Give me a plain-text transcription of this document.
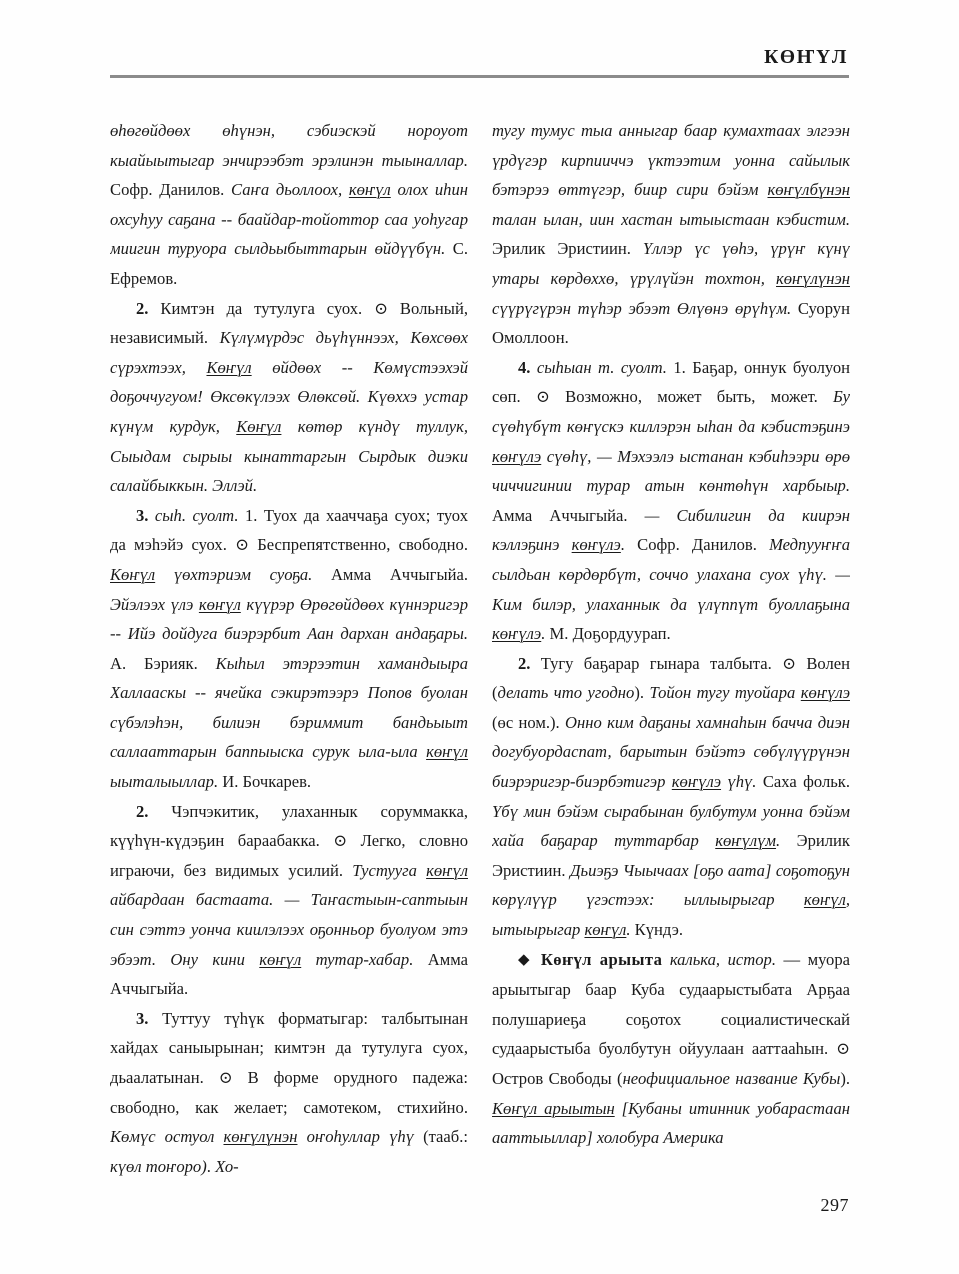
КӨҤҮЛ

өһөгөйдөөх өһүнэн, сэбиэскэй нороуот кыайыытыгар энчирээбэт эрэлинэн тыыналлар. Софр. Данилов. Саҥа дьоллоох, көҥүл олох иһин охсуһуу саҕана -- баайдар-тойоттор саа уоһугар миигин туруора сылдьыбыттарын өйдүүбүн. С. Ефремов.

2. Кимтэн да тутулуга суох. ⊙ Вольный, независимый. Күлүмүрдэс дьүһүннээх, Көхсөөх сүрэхтээх, Көҥүл өйдөөх -- Көмүстээхэй доҕоччугуом! Өксөкүлээх Өлөксөй. Күөххэ устар күнүм курдук, Көҥүл көтөр күндү туллук, Сыыдам сырыы кынаттаргын Сырдык диэки салайбыккын. Эллэй.

3. сыһ. суолт. 1. Туох да хааччаҕа суох; туох да мэһэйэ суох. ⊙ Беспрепятственно, свободно. Көҥүл үөхтэриэм суоҕа. Амма Аччыгыйа. Эйэлээх үлэ көҥүл күүрэр Өрөгөйдөөх күннэригэр -- Ийэ дойдуга биэрэрбит Аан дархан андаҕары. А. Бэрияк. Кыһыл этэрээтин хамандыыра Халлааскы -- ячейка сэкирэтээрэ Попов буолан сүбэлэһэн, билиэн бэриммит бандьыыт саллааттарын баппыыска сурук ыла-ыла көҥүл ыыталыыллар. И. Бочкарев.

2. Чэпчэкитик, улаханнык соруммакка, күүһүн-күдэҕин бараабакка. ⊙ Легко, словно играючи, без видимых усилий. Тустууга көҥүл айбардаан бастаата. — Таҥастыын-саптыын син сэттэ уонча киилэлээх оҕонньор буолуом этэ эбээт. Ону кини көҥүл тутар-хабар. Амма Аччыгыйа.

3. Туттуу түһүк форматыгар: талбытынан хайдах саныырынан; кимтэн да тутулуга суох, дьаалатынан. ⊙ В форме орудного падежа: свободно, как желает; самотеком, стихийно. Көмүс остуол көҥүлүнэн оҥоһуллар үһү (тааб.: күөл тоҥоро). Хо-

тугу тумус тыа анныгар баар кумахтаах элгээн үрдүгэр кирпииччэ үктээтим уонна сайылык бэтэрээ өттүгэр, биир сири бэйэм көҥүлбүнэн талан ылан, иин хастан ытыыстаан кэбистим. Эрилик Эристиин. Үллэр үс үөһэ, үрүҥ күнү утары көрдөххө, үрүлүйэн тохтон, көҥүлүнэн сүүрүгүрэн түһэр эбээт Өлүөнэ өрүһүм. Суорун Омоллоон.

4. сыһыан т. суолт. 1. Баҕар, оннук буолуон сөп. ⊙ Возможно, может быть, может. Бу сүөһүбүт көҥүскэ киллэрэн ыһан да кэбистэҕинэ көҥүлэ сүөһү, — Мэхээлэ ыстанан кэбиһээри өрө чиччигинии турар атын көнтөһүн харбыыр. Амма Аччыгыйа. — Сибилигин да киирэн кэллэҕинэ көҥүлэ. Софр. Данилов. Медпууҥҥа сылдьан көрдөрбүт, соччо улахана суох үһү. — Ким билэр, улаханнык да үлүппүт буоллаҕына көҥүлэ. М. Доҕордуурап.

2. Тугу баҕарар гынара талбыта. ⊙ Волен (делать что угодно). Тойон тугу туойара көҥүлэ (өс ном.). Онно ким даҕаны хамнаһын бачча диэн догубуордаспат, барытын бэйэтэ сөбүлүүрүнэн биэрэригэр-биэрбэтигэр көҥүлэ үһү. Саха фольк. Үбү мин бэйэм сырабынан булбутум уонна бэйэм хайа баҕарар туттарбар көҥүлүм. Эрилик Эристиин. Дьиэҕэ Чыычаах [оҕо аата] соҕотоҕун көрүлүүр үгэстээх: ыллыырыгар көҥүл, ытыырыгар көҥүл. Күндэ.

◆ Көҥүл арыыта калька, истор. — муора арыытыгар баар Куба судаарыстыбата Арҕаа полушариеҕа соҕотох социалистическай судаарыстыба буолбутун ойуулаан ааттааһын. ⊙ Остров Свободы (неофициальное название Кубы). Көҥүл арыытын [Кубаны итинник уобарастаан ааттыыллар] холобура Америка

297
